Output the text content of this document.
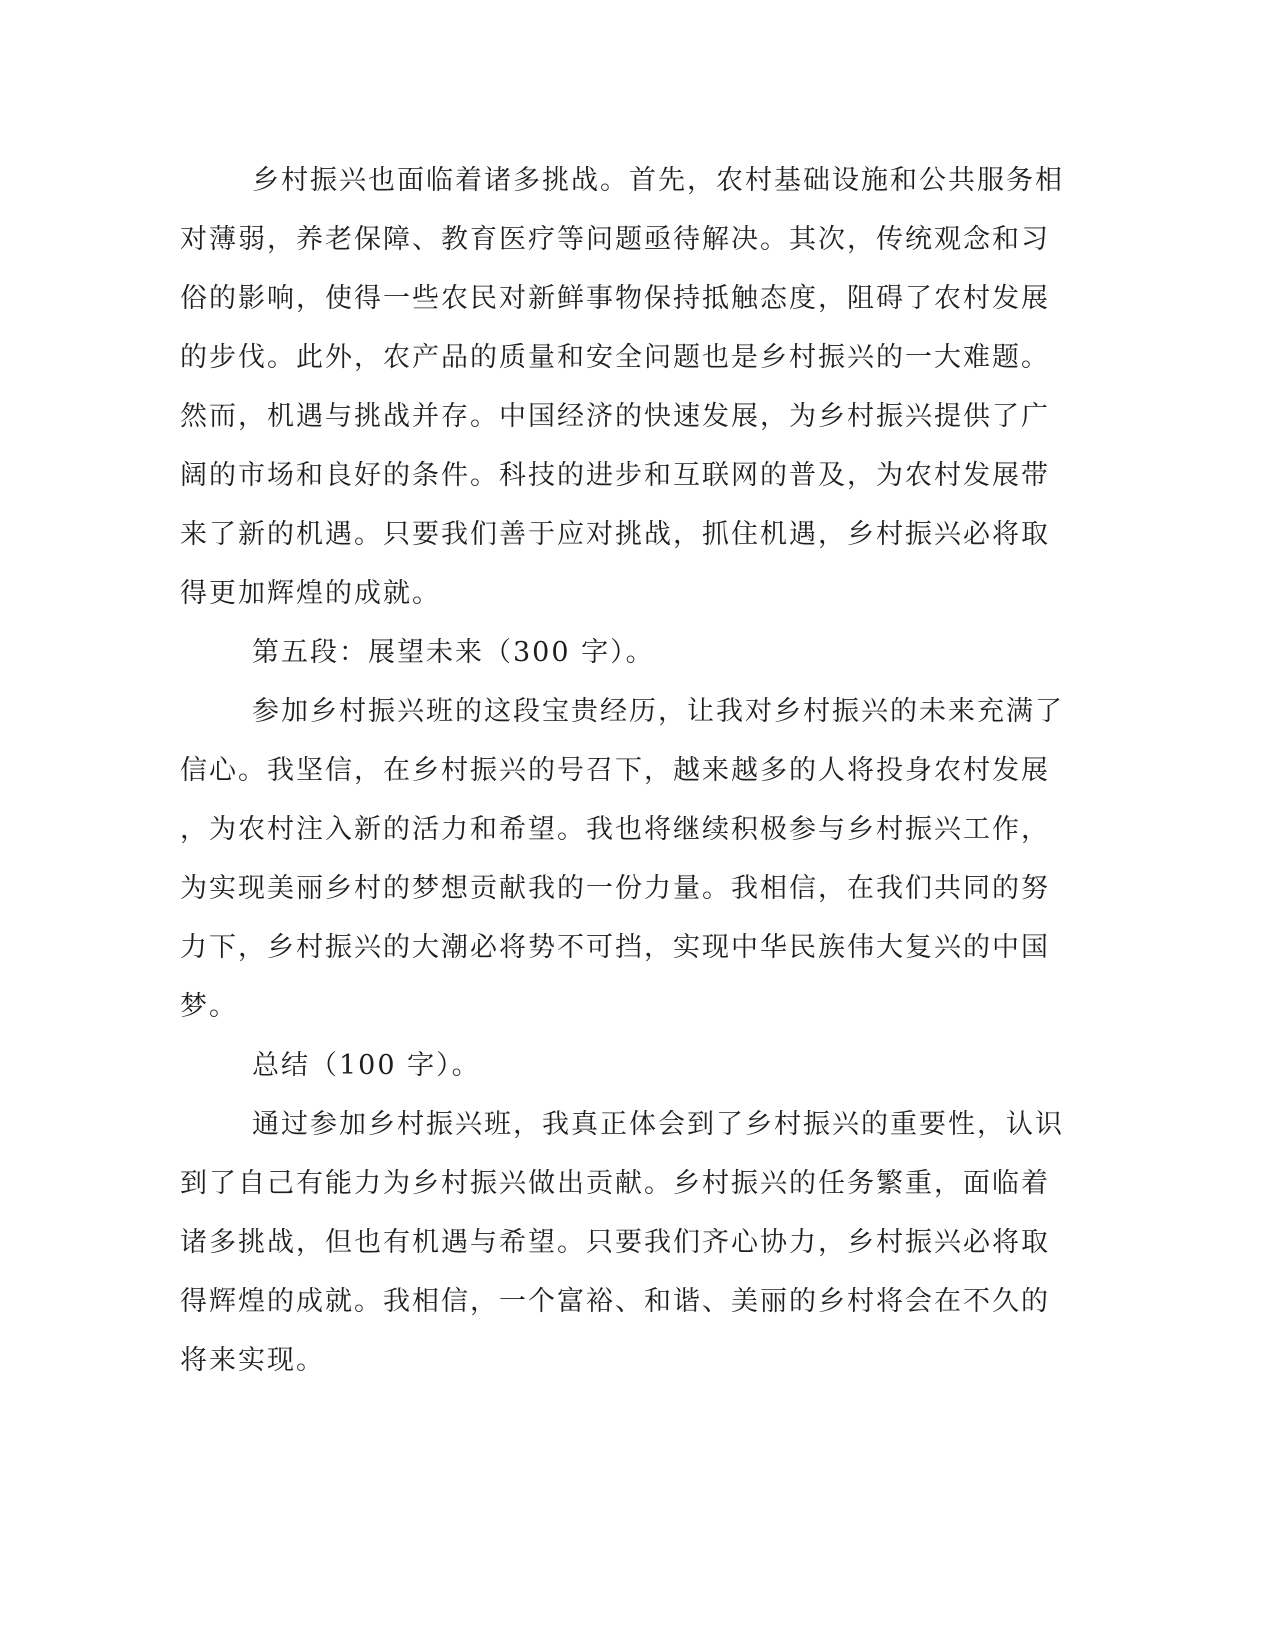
乡村振兴也面临着诸多挑战。首先，农村基础设施和公共服务相
对薄弱，养老保障、教育医疗等问题亟待解决。其次，传统观念和习
俗的影响，使得一些农民对新鲜事物保持抵触态度，阻碍了农村发展
的步伐。此外，农产品的质量和安全问题也是乡村振兴的一大难题。
然而，机遇与挑战并存。中国经济的快速发展，为乡村振兴提供了广
阔的市场和良好的条件。科技的进步和互联网的普及，为农村发展带
来了新的机遇。只要我们善于应对挑战，抓住机遇，乡村振兴必将取
得更加辉煌的成就。
第五段：展望未来（300 字）。
参加乡村振兴班的这段宝贵经历，让我对乡村振兴的未来充满了
信心。我坚信，在乡村振兴的号召下，越来越多的人将投身农村发展
，为农村注入新的活力和希望。我也将继续积极参与乡村振兴工作，
为实现美丽乡村的梦想贡献我的一份力量。我相信，在我们共同的努
力下，乡村振兴的大潮必将势不可挡，实现中华民族伟大复兴的中国
梦。
总结（100 字）。
通过参加乡村振兴班，我真正体会到了乡村振兴的重要性，认识
到了自己有能力为乡村振兴做出贡献。乡村振兴的任务繁重，面临着
诸多挑战，但也有机遇与希望。只要我们齐心协力，乡村振兴必将取
得辉煌的成就。我相信，一个富裕、和谐、美丽的乡村将会在不久的
将来实现。
